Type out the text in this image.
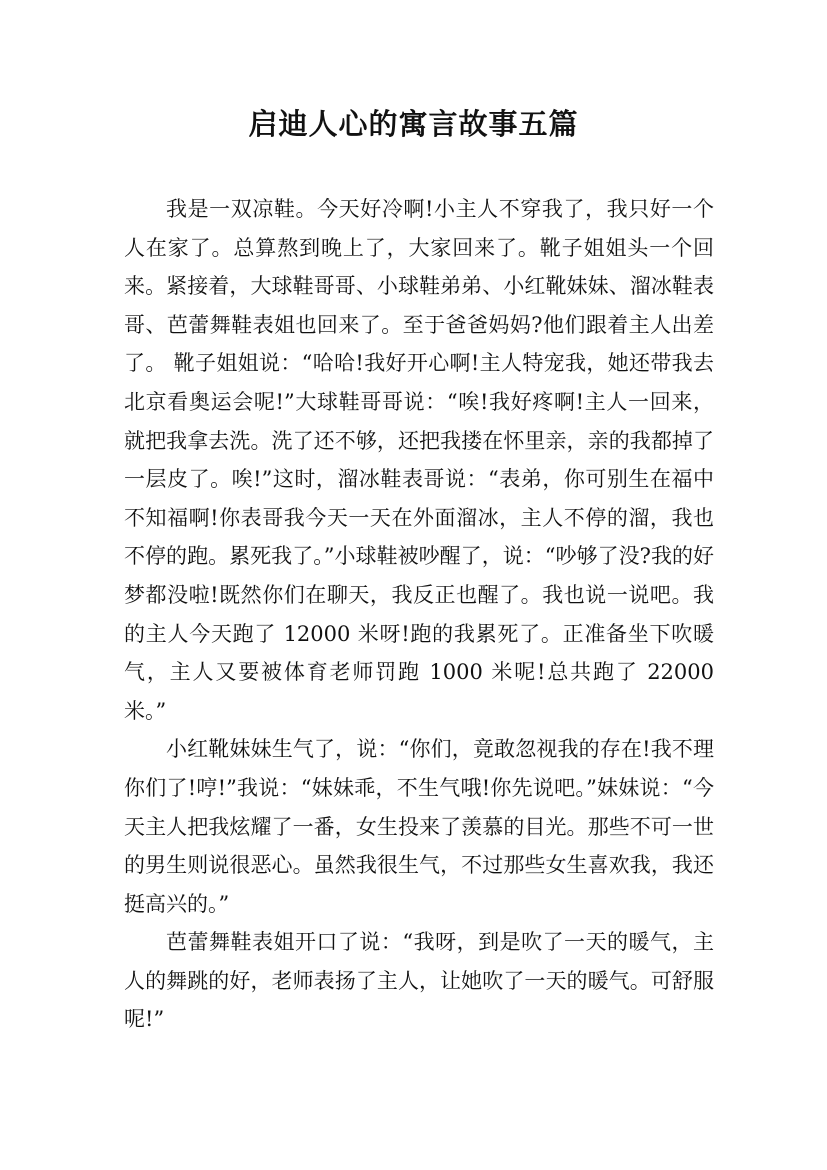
启迪人心的寓言故事五篇

我是一双凉鞋。今天好冷啊!小主人不穿我了，我只好一个人在家了。总算熬到晚上了，大家回来了。靴子姐姐头一个回来。紧接着，大球鞋哥哥、小球鞋弟弟、小红靴妹妹、溜冰鞋表哥、芭蕾舞鞋表姐也回来了。至于爸爸妈妈?他们跟着主人出差了。 靴子姐姐说：“哈哈!我好开心啊!主人特宠我，她还带我去北京看奥运会呢!”大球鞋哥哥说：“唉!我好疼啊!主人一回来，就把我拿去洗。洗了还不够，还把我搂在怀里亲，亲的我都掉了一层皮了。唉!”这时，溜冰鞋表哥说：“表弟，你可别生在福中不知福啊!你表哥我今天一天在外面溜冰，主人不停的溜，我也不停的跑。累死我了。”小球鞋被吵醒了，说：“吵够了没?我的好梦都没啦!既然你们在聊天，我反正也醒了。我也说一说吧。我的主人今天跑了 12000 米呀!跑的我累死了。正准备坐下吹暖气，主人又要被体育老师罚跑 1000 米呢!总共跑了 22000 米。”

小红靴妹妹生气了，说：“你们，竟敢忽视我的存在!我不理你们了!哼!”我说：“妹妹乖，不生气哦!你先说吧。”妹妹说：“今天主人把我炫耀了一番，女生投来了羡慕的目光。那些不可一世的男生则说很恶心。虽然我很生气，不过那些女生喜欢我，我还挺高兴的。”

芭蕾舞鞋表姐开口了说：“我呀，到是吹了一天的暖气，主人的舞跳的好，老师表扬了主人，让她吹了一天的暖气。可舒服呢!”
